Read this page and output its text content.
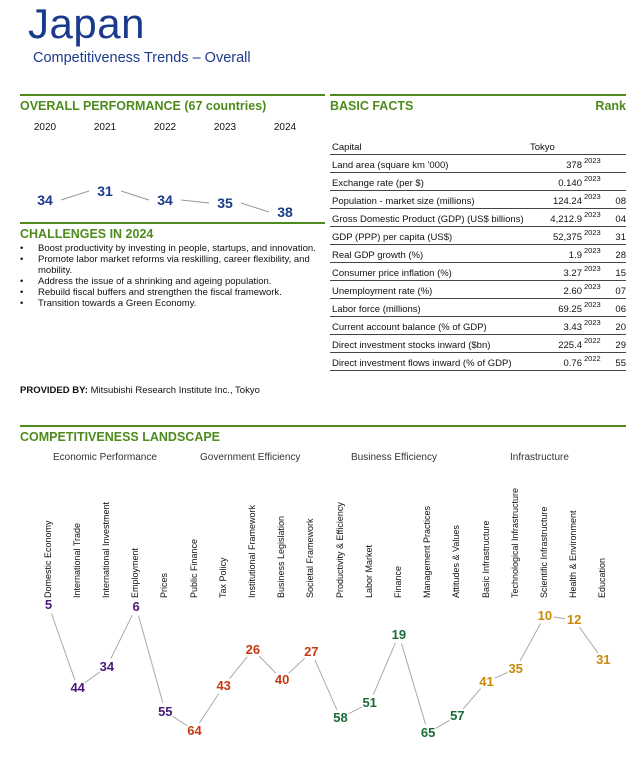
Japan
Competitiveness Trends – Overall
OVERALL PERFORMANCE (67 countries)
2020	2021	2022	2023	2024
34
31
34	35
38
CHALLENGES IN 2024
• Boost productivity by investing in people, startups, and innovation.
• Promote labor market reforms via reskilling, career flexibility, and mobility.
• Address the issue of a shrinking and ageing population.
• Rebuild fiscal buffers and strengthen the fiscal framework.
• Transition towards a Green Economy.
PROVIDED BY: Mitsubishi Research Institute Inc., Tokyo
BASIC FACTS	Rank
Capital	Tokyo		
Land area (square km '000)	378	2023	
Exchange rate (per $)	0.140	2023	
Population - market size (millions)	124.24	2023	08
Gross Domestic Product (GDP) (US$ billions)	4,212.9	2023	04
GDP (PPP) per capita (US$)	52,375	2023	31
Real GDP growth (%)	1.9	2023	28
Consumer price inflation (%)	3.27	2023	15
Unemployment rate (%)	2.60	2023	07
Labor force (millions)	69.25	2023	06
Current account balance (% of GDP)	3.43	2023	20
Direct investment stocks inward ($bn)	225.4	2022	29
Direct investment flows inward (% of GDP)	0.76	2022	55
COMPETITIVENESS LANDSCAPE
Economic Performance	Government Efficiency	Business Efficiency	Infrastructure
Domestic Economy International Trade International Investment Employment Prices Public Finance Tax Policy Institutional Framework Business Legislation Societal Framework Productivity & Efficiency Labor Market Finance Management Practices Attitudes & Values Basic Infrastructure Technological Infrastructure Scientific Infrastructure Health & Environment Education
5
44
34
6
55
64
43
26
40
27
58
51
19
65
57
41
35
10	12
31
